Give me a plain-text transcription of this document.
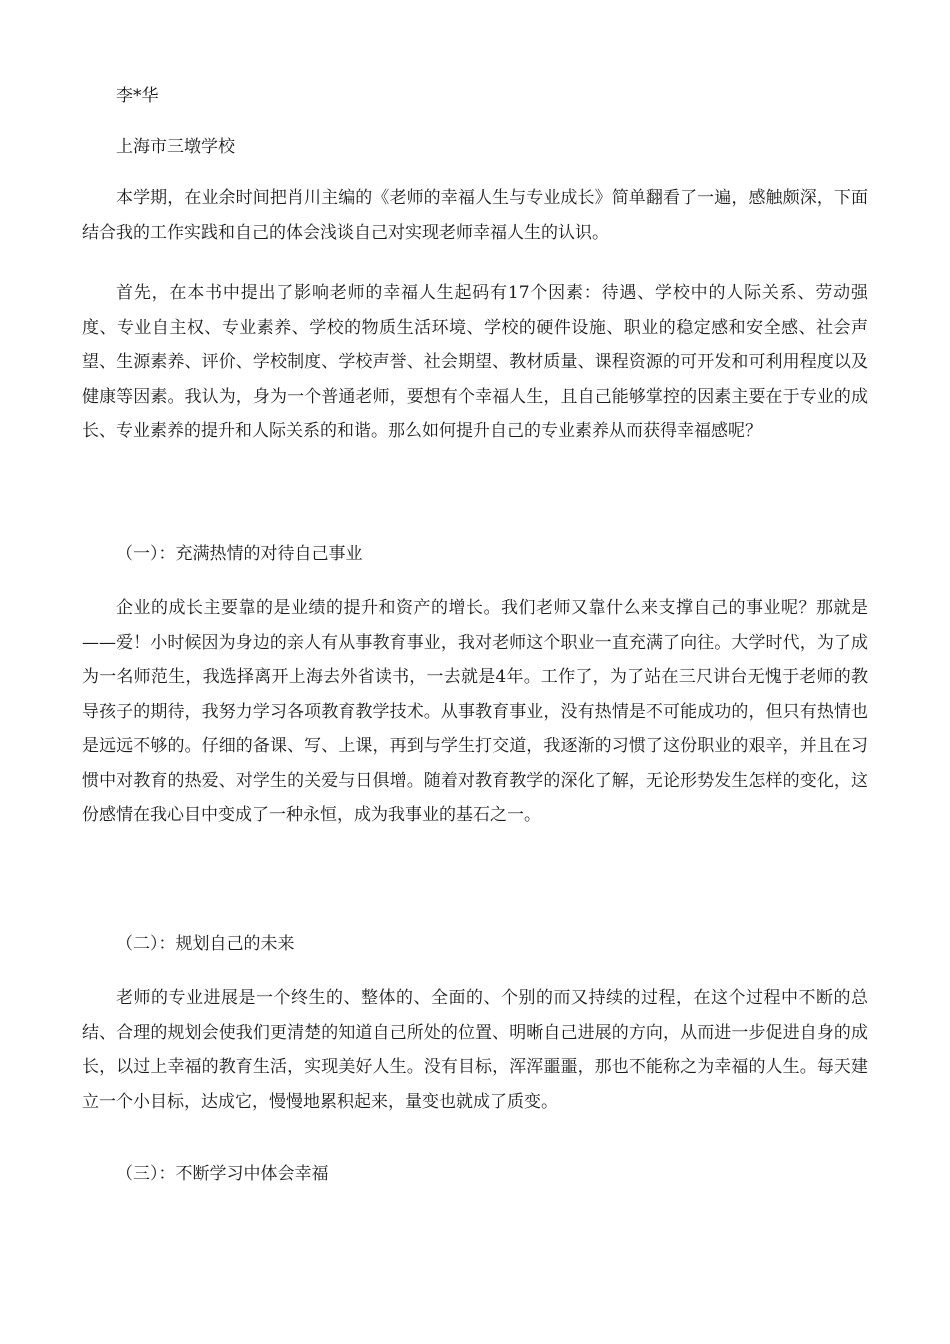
李*华

上海市三墩学校

本学期，在业余时间把肖川主编的《老师的幸福人生与专业成长》简单翻看了一遍，感触颇深，下面结合我的工作实践和自己的体会浅谈自己对实现老师幸福人生的认识。

首先，在本书中提出了影响老师的幸福人生起码有17个因素：待遇、学校中的人际关系、劳动强度、专业自主权、专业素养、学校的物质生活环境、学校的硬件设施、职业的稳定感和安全感、社会声望、生源素养、评价、学校制度、学校声誉、社会期望、教材质量、课程资源的可开发和可利用程度以及健康等因素。我认为，身为一个普通老师，要想有个幸福人生，且自己能够掌控的因素主要在于专业的成长、专业素养的提升和人际关系的和谐。那么如何提升自己的专业素养从而获得幸福感呢？

（一）：充满热情的对待自己事业

企业的成长主要靠的是业绩的提升和资产的增长。我们老师又靠什么来支撑自己的事业呢？那就是——爱！小时候因为身边的亲人有从事教育事业，我对老师这个职业一直充满了向往。大学时代，为了成为一名师范生，我选择离开上海去外省读书，一去就是4年。工作了，为了站在三尺讲台无愧于老师的教导孩子的期待，我努力学习各项教育教学技术。从事教育事业，没有热情是不可能成功的，但只有热情也是远远不够的。仔细的备课、写、上课，再到与学生打交道，我逐渐的习惯了这份职业的艰辛，并且在习惯中对教育的热爱、对学生的关爱与日俱增。随着对教育教学的深化了解，无论形势发生怎样的变化，这份感情在我心目中变成了一种永恒，成为我事业的基石之一。

（二）：规划自己的未来

老师的专业进展是一个终生的、整体的、全面的、个别的而又持续的过程，在这个过程中不断的总结、合理的规划会使我们更清楚的知道自己所处的位置、明晰自己进展的方向，从而进一步促进自身的成长，以过上幸福的教育生活，实现美好人生。没有目标，浑浑噩噩，那也不能称之为幸福的人生。每天建立一个小目标，达成它，慢慢地累积起来，量变也就成了质变。

（三）：不断学习中体会幸福
